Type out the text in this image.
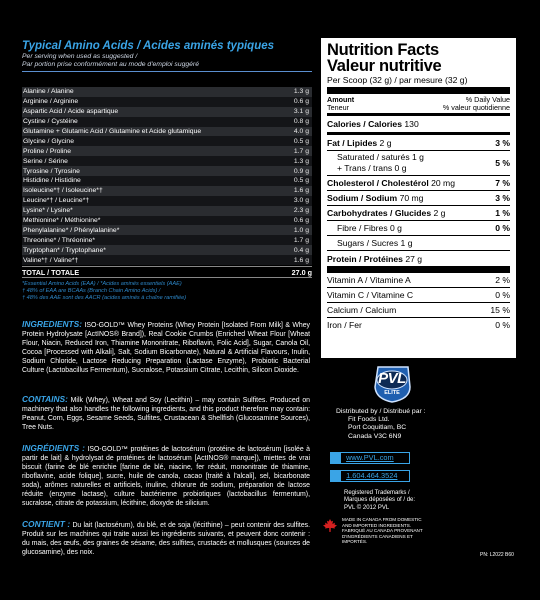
Typical Amino Acids / Acides aminés typiques
Per serving when used as suggested /
Par portion prise conformément au mode d'emploi suggéré
Alanine / Alanine	1.3 g
Arginine / Arginine	0.6 g
Aspartic Acid / Acide aspartique	3.1 g
Cystine / Cystéine	0.8 g
Glutamine + Glutamic Acid / Glutamine et Acide glutamique	4.0 g
Glycine / Glycine	0.5 g
Proline / Proline	1.7 g
Serine / Sérine	1.3 g
Tyrosine / Tyrosine	0.9 g
Histidine / Histidine	0.5 g
Isoleucine*† / Isoleucine*†	1.6 g
Leucine*† / Leucine*†	3.0 g
Lysine* / Lysine*	2.3 g
Methionine* / Méthionine*	0.6 g
Phenylalanine* / Phénylalanine*	1.0 g
Threonine* / Thréonine*	1.7 g
Tryptophan* / Tryptophane*	0.4 g
Valine*† / Valine*†	1.6 g
TOTAL / TOTALE	27.0 g
*Essential Amino Acids (EAA) / *Acides aminés essentiels (AAE)
† 48% of EAA are BCAAs (Branch Chain Amino Acids) /
† 48% des AAE sont des AACR (acides aminés à chaîne ramifiée)
Nutrition Facts
Valeur nutritive
Per Scoop (32 g) / par mesure (32 g)
Amount
Teneur
% Daily Value
% valeur quotidienne
Calories / Calories 130
Fat / Lipides 2 g	3 %
Saturated / saturés 1 g
+ Trans / trans 0 g	5 %
Cholesterol / Cholestérol 20 mg	7 %
Sodium / Sodium 70 mg	3 %
Carbohydrates / Glucides 2 g	1 %
Fibre / Fibres 0 g	0 %
Sugars / Sucres 1 g
Protein / Protéines 27 g
Vitamin A / Vitamine A	2 %
Vitamin C / Vitamine C	0 %
Calcium / Calcium	15 %
Iron / Fer	0 %
INGREDIENTS: ISO-GOLD™ Whey Proteins (Whey Protein [Isolated From Milk] & Whey Protein Hydrolysate [ActINOS® Brand]), Real Cookie Crumbs (Enriched Wheat Flour [Wheat Flour, Niacin, Reduced Iron, Thiamine Mononitrate, Riboflavin, Folic Acid], Sugar, Canola Oil, Cocoa [Processed with Alkali], Salt, Sodium Bicarbonate), Natural & Artificial Flavours, Inulin, Sodium Chloride, Lactose Reducing Preparation (Lactase Enzyme), Probiotic Bacterial Culture (Lactobacillus Fermentum), Sucralose, Potassium Citrate, Lecithin, Silicon Dioxide.
CONTAINS: Milk (Whey), Wheat and Soy (Lecithin) – may contain Sulfites. Produced on machinery that also handles the following ingredients, and this product therefore may contain: Peanut, Corn, Eggs, Sesame Seeds, Sulfites, Crustacean & Shellfish (Glucosamine Sources), Tree Nuts.
INGRÉDIENTS : ISO-GOLD™ protéines de lactosérum (protéine de lactosérum [isolée à partir de lait] & hydrolysat de protéines de lactosérum [ActINOS® marque]), miettes de vrai biscuit (farine de blé enrichie [farine de blé, niacine, fer réduit, mononitrate de thiamine, riboflavine, acide folique], sucre, huile de canola, cacao [traité à l'alcali], sel, bicarbonate soda), arômes naturelles et artificiels, inuline, chlorure de sodium, préparation de lactose réduite (enzyme lactase), culture bactérienne probiotiques (lactobacillus fermentum), sucralose, citrate de potassium, lécithine, dioxyde de silicium.
CONTIENT : Du lait (lactosérum), du blé, et de soja (lécithine) – peut contenir des sulfites. Produit sur les machines qui traite aussi les ingrédients suivants, et peuvent donc contenir : du mais, des œufs, des graines de sésame, des sulfites, crustacés et mollusques (sources de glucosamine), des noix.
PVL
ELITE
Distributed by / Distribué par :
Fit Foods Ltd.
Port Coquitlam, BC
Canada V3C 6N9
www.PVL.com
1.604.464.3524
Registered Trademarks /
Marques déposées of / de:
PVL © 2012 PVL
MADE IN CANADA FROM DOMESTIC
AND IMPORTED INGREDIENTS.
FABRIQUÉ AU CANADA PROVENANT
D'INGRÉDIENTS CANADIENS ET
IMPORTÉS.
PN: L2022 B60
